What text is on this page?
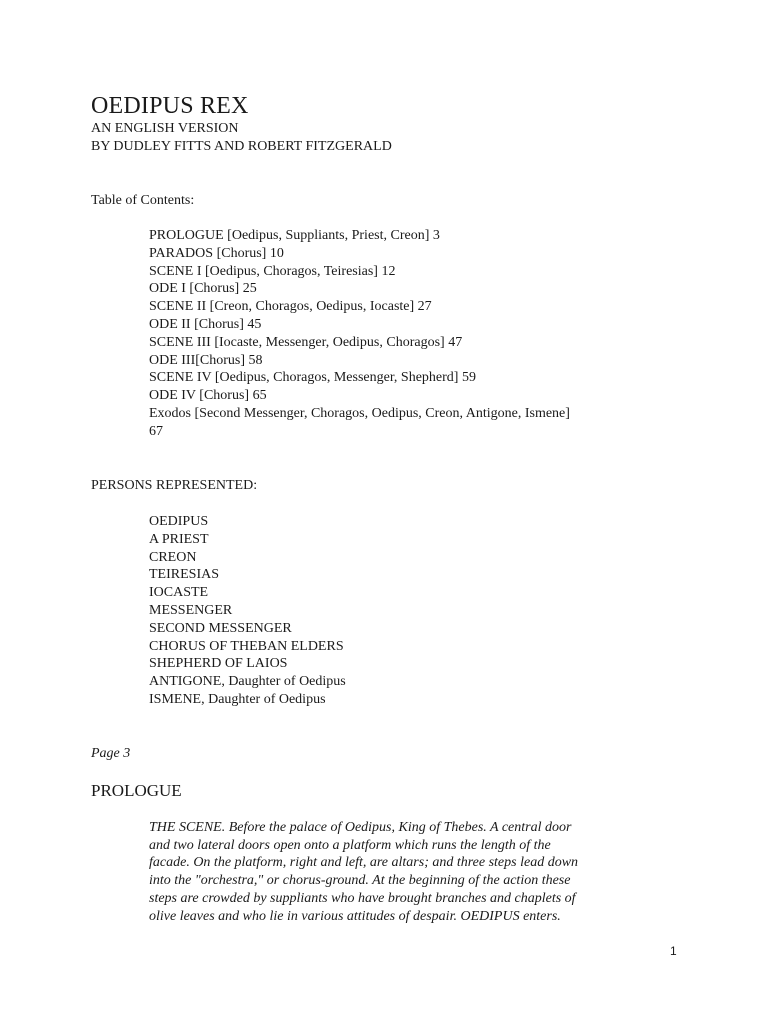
OEDIPUS REX

AN ENGLISH VERSION

BY DUDLEY FITTS AND ROBERT FITZGERALD

Table of Contents:

PROLOGUE [Oedipus, Suppliants, Priest, Creon] 3
PARADOS [Chorus] 10
SCENE I [Oedipus, Choragos, Teiresias] 12
ODE I [Chorus] 25
SCENE II [Creon, Choragos, Oedipus, Iocaste] 27
ODE II [Chorus] 45
SCENE III [Iocaste, Messenger, Oedipus, Choragos] 47
ODE III[Chorus] 58
SCENE IV [Oedipus, Choragos, Messenger, Shepherd] 59
ODE IV [Chorus] 65
Exodos [Second Messenger, Choragos, Oedipus, Creon, Antigone, Ismene]
67

PERSONS REPRESENTED:

OEDIPUS
A PRIEST
CREON
TEIRESIAS
IOCASTE
MESSENGER
SECOND MESSENGER
CHORUS OF THEBAN ELDERS
SHEPHERD OF LAIOS
ANTIGONE, Daughter of Oedipus
ISMENE, Daughter of Oedipus

Page 3

PROLOGUE

THE SCENE. Before the palace of Oedipus, King of Thebes. A central door
and two lateral doors open onto a platform which runs the length of the
facade. On the platform, right and left, are altars; and three steps lead down
into the "orchestra," or chorus-ground. At the beginning of the action these
steps are crowded by suppliants who have brought branches and chaplets of
olive leaves and who lie in various attitudes of despair. OEDIPUS enters.

1
